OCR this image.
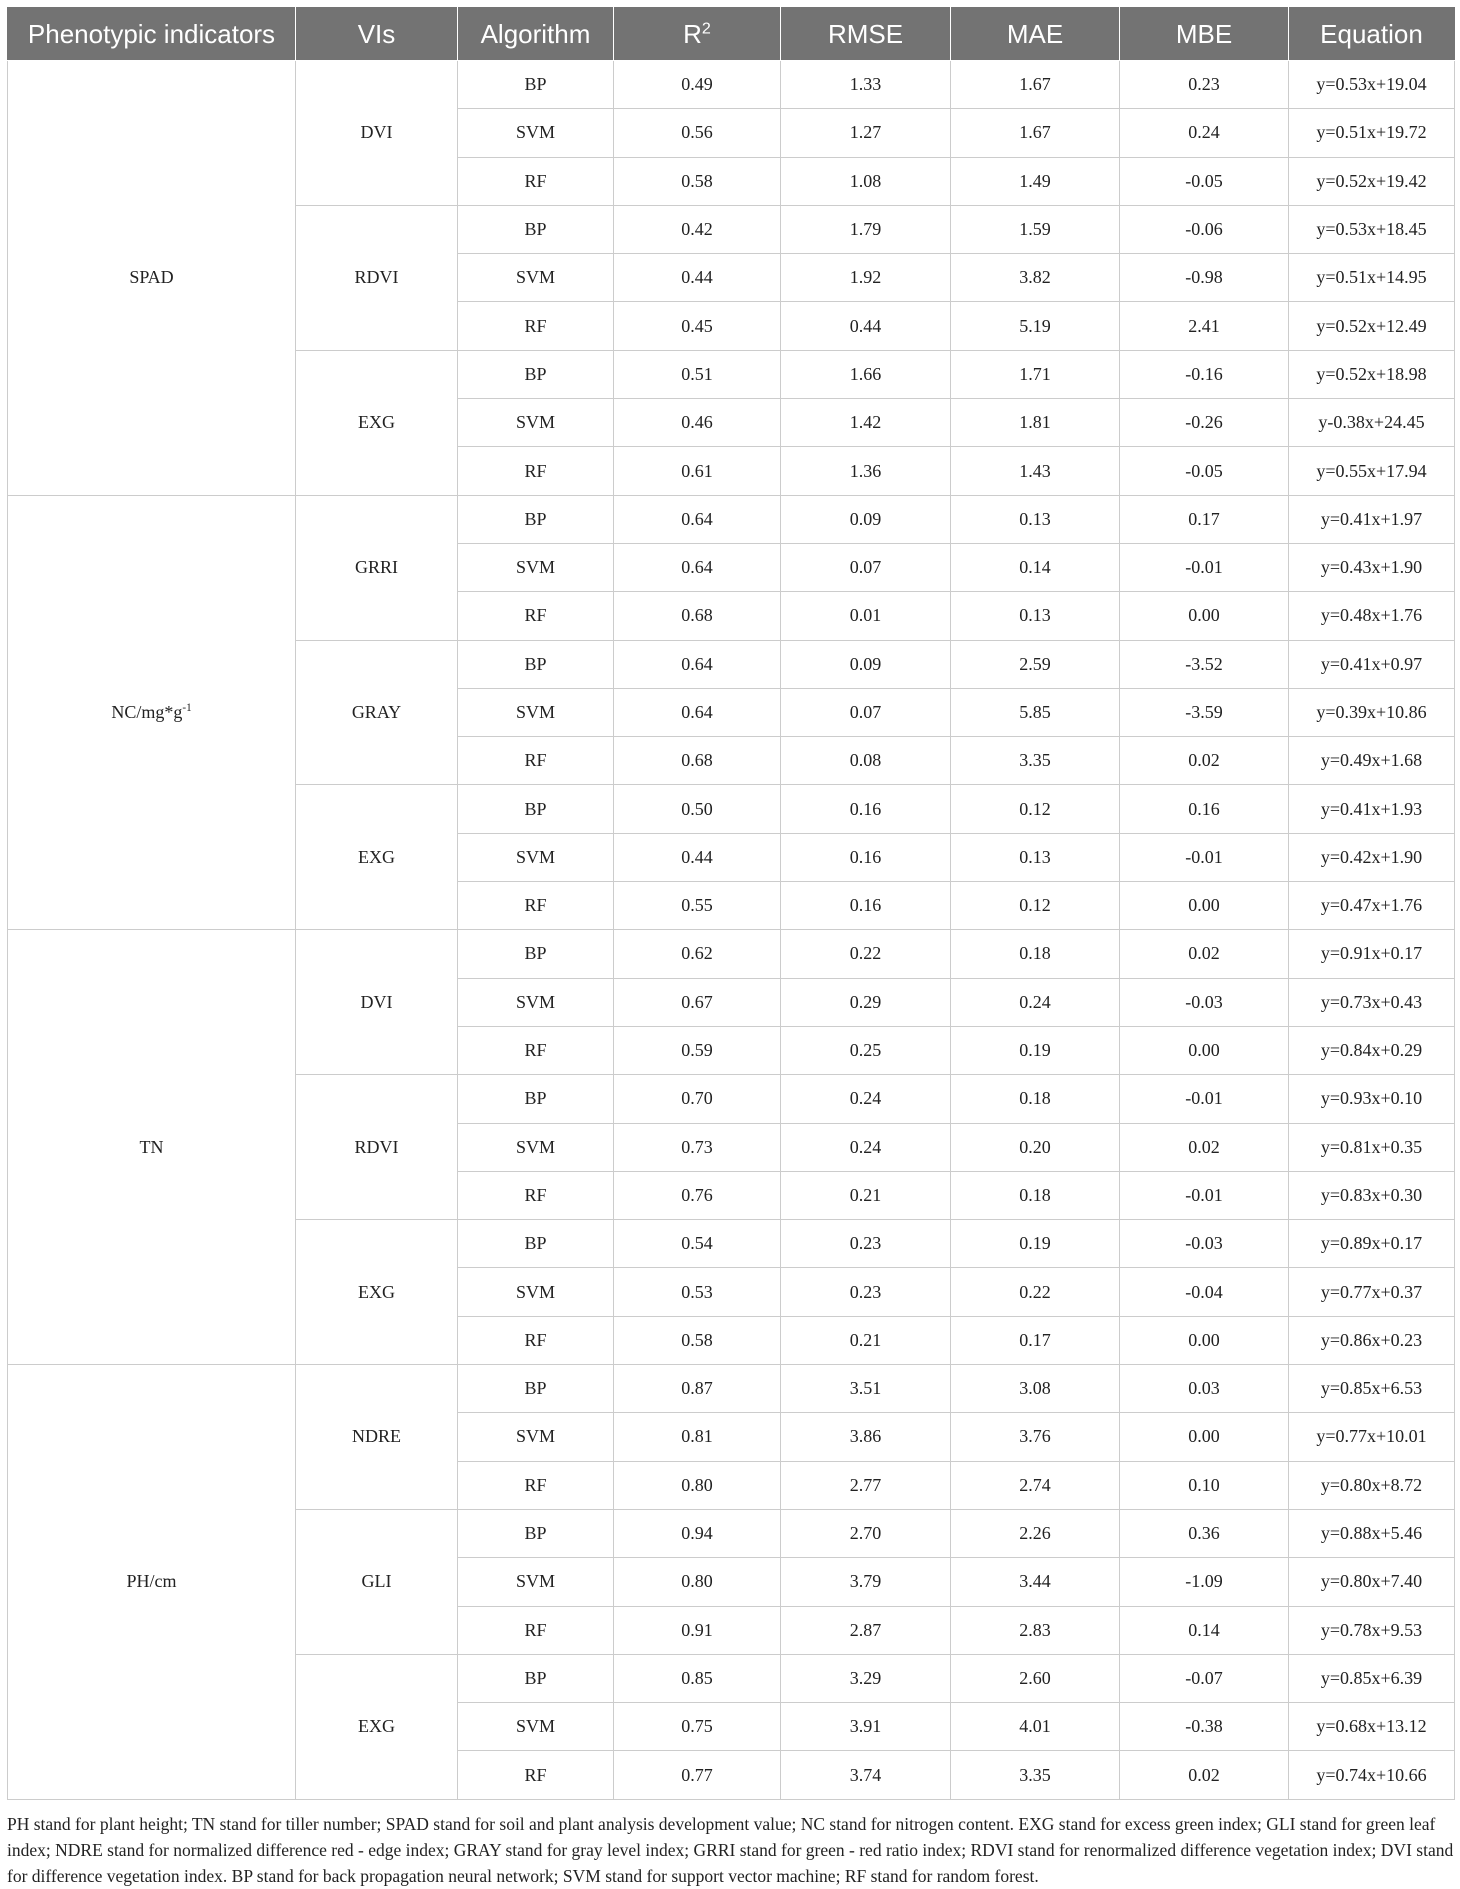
Phenotypic indicators	VIs	Algorithm	$R^2$	RMSE	MAE	MBE	Equation
SPAD	DVI	BP	0.49	1.33	1.67	0.23	y=0.53x+19.04
		SVM	0.56	1.27	1.67	0.24	y=0.51x+19.72
		RF	0.58	1.08	1.49	-0.05	y=0.52x+19.42
	RDVI	BP	0.42	1.79	1.59	-0.06	y=0.53x+18.45
		SVM	0.44	1.92	3.82	-0.98	y=0.51x+14.95
		RF	0.45	0.44	5.19	2.41	y=0.52x+12.49
	EXG	BP	0.51	1.66	1.71	-0.16	y=0.52x+18.98
		SVM	0.46	1.42	1.81	-0.26	y-0.38x+24.45
		RF	0.61	1.36	1.43	-0.05	y=0.55x+17.94
$NC/mg*g^{-1}$	GRRI	BP	0.64	0.09	0.13	0.17	y=0.41x+1.97
		SVM	0.64	0.07	0.14	-0.01	y=0.43x+1.90
		RF	0.68	0.01	0.13	0.00	y=0.48x+1.76
	GRAY	BP	0.64	0.09	2.59	-3.52	y=0.41x+0.97
		SVM	0.64	0.07	5.85	-3.59	y=0.39x+10.86
		RF	0.68	0.08	3.35	0.02	y=0.49x+1.68
	EXG	BP	0.50	0.16	0.12	0.16	y=0.41x+1.93
		SVM	0.44	0.16	0.13	-0.01	y=0.42x+1.90
		RF	0.55	0.16	0.12	0.00	y=0.47x+1.76
TN	DVI	BP	0.62	0.22	0.18	0.02	y=0.91x+0.17
		SVM	0.67	0.29	0.24	-0.03	y=0.73x+0.43
		RF	0.59	0.25	0.19	0.00	y=0.84x+0.29
	RDVI	BP	0.70	0.24	0.18	-0.01	y=0.93x+0.10
		SVM	0.73	0.24	0.20	0.02	y=0.81x+0.35
		RF	0.76	0.21	0.18	-0.01	y=0.83x+0.30
	EXG	BP	0.54	0.23	0.19	-0.03	y=0.89x+0.17
		SVM	0.53	0.23	0.22	-0.04	y=0.77x+0.37
		RF	0.58	0.21	0.17	0.00	y=0.86x+0.23
PH/cm	NDRE	BP	0.87	3.51	3.08	0.03	y=0.85x+6.53
		SVM	0.81	3.86	3.76	0.00	y=0.77x+10.01
		RF	0.80	2.77	2.74	0.10	y=0.80x+8.72
	GLI	BP	0.94	2.70	2.26	0.36	y=0.88x+5.46
		SVM	0.80	3.79	3.44	-1.09	y=0.80x+7.40
		RF	0.91	2.87	2.83	0.14	y=0.78x+9.53
	EXG	BP	0.85	3.29	2.60	-0.07	y=0.85x+6.39
		SVM	0.75	3.91	4.01	-0.38	y=0.68x+13.12
		RF	0.77	3.74	3.35	0.02	y=0.74x+10.66
PH stand for plant height; TN stand for tiller number; SPAD stand for soil and plant analysis development value; NC stand for nitrogen content. EXG stand for excess green index; GLI stand for green leaf index; NDRE stand for normalized difference red - edge index; GRAY stand for gray level index; GRRI stand for green - red ratio index; RDVI stand for renormalized difference vegetation index; DVI stand for difference vegetation index. BP stand for back propagation neural network; SVM stand for support vector machine; RF stand for random forest.
